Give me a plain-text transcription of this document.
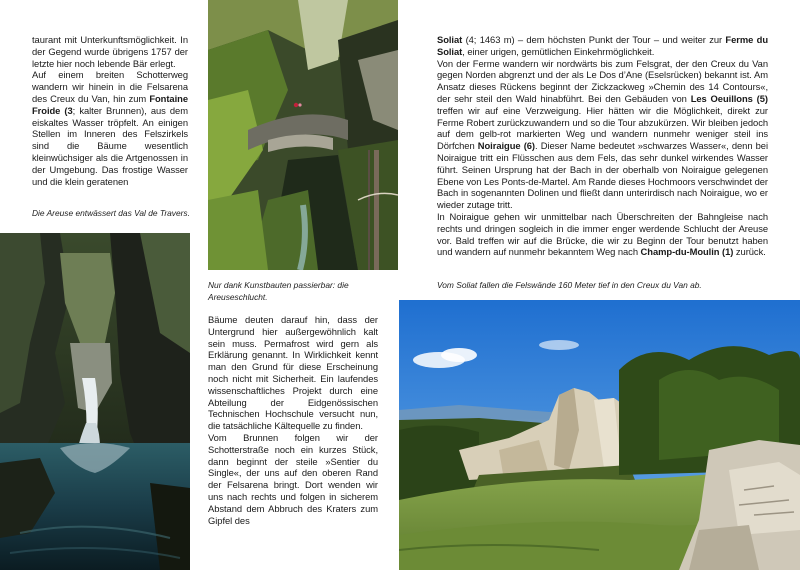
taurant mit Unterkunftsmöglichkeit. In der Gegend wurde übrigens 1757 der letzte hier noch lebende Bär erlegt.

Auf einem breiten Schotterweg wandern wir hinein in die Felsarena des Creux du Van, hin zum Fontaine Froide (3; kalter Brunnen), aus dem eiskaltes Wasser tröpfelt. An einigen Stellen im Inneren des Felszirkels sind die Bäume wesentlich kleinwüchsiger als die Artgenossen in der Umgebung. Das frostige Wasser und die klein geratenen

Die Areuse entwässert das Val de Travers.
Nur dank Kunstbauten passierbar: die Areuseschlucht.

Bäume deuten darauf hin, dass der Untergrund hier außergewöhnlich kalt sein muss. Permafrost wird gern als Erklärung genannt. In Wirklichkeit kennt man den Grund für diese Erscheinung noch nicht mit Sicherheit. Ein laufendes wissenschaftliches Projekt durch eine Abteilung der Eidgenössischen Technischen Hochschule versucht nun, die tatsächliche Kältequelle zu finden.

Vom Brunnen folgen wir der Schotterstraße noch ein kurzes Stück, dann beginnt der steile »Sentier du Single«, der uns auf den oberen Rand der Felsarena bringt. Dort wenden wir uns nach rechts und folgen in sicherem Abstand dem Abbruch des Kraters zum Gipfel des

Soliat (4; 1463 m) – dem höchsten Punkt der Tour – und weiter zur Ferme du Soliat, einer urigen, gemütlichen Einkehrmöglichkeit.

Von der Ferme wandern wir nordwärts bis zum Felsgrat, der den Creux du Van gegen Norden abgrenzt und der als Le Dos d’Ane (Eselsrücken) bekannt ist. Am Ansatz dieses Rückens beginnt der Zickzackweg »Chemin des 14 Contours«, der sehr steil den Wald hinabführt. Bei den Gebäuden von Les Oeuillons (5) treffen wir auf eine Verzweigung. Hier hätten wir die Möglichkeit, direkt zur Ferme Robert zurückzuwandern und so die Tour abzukürzen. Wir bleiben jedoch auf dem gelb-rot markierten Weg und wandern nunmehr weniger steil ins Dörfchen Noiraigue (6). Dieser Name bedeutet »schwarzes Wasser«, denn bei Noiraigue tritt ein Flüsschen aus dem Fels, das sehr dunkel wirkendes Wasser führt. Seinen Ursprung hat der Bach in der oberhalb von Noiraigue gelegenen Ebene von Les Ponts-de-Martel. Am Rande dieses Hochmoors verschwindet der Bach in sogenannten Dolinen und fließt dann unterirdisch nach Noiraigue, wo er wieder zutage tritt.

In Noiraigue gehen wir unmittelbar nach Überschreiten der Bahngleise nach rechts und dringen sogleich in die immer enger werdende Schlucht der Areuse vor. Bald treffen wir auf die Brücke, die wir zu Beginn der Tour benutzt haben und wandern auf nunmehr bekanntem Weg nach Champ-du-Moulin (1) zurück.

Vom Soliat fallen die Felswände 160 Meter tief in den Creux du Van ab.
